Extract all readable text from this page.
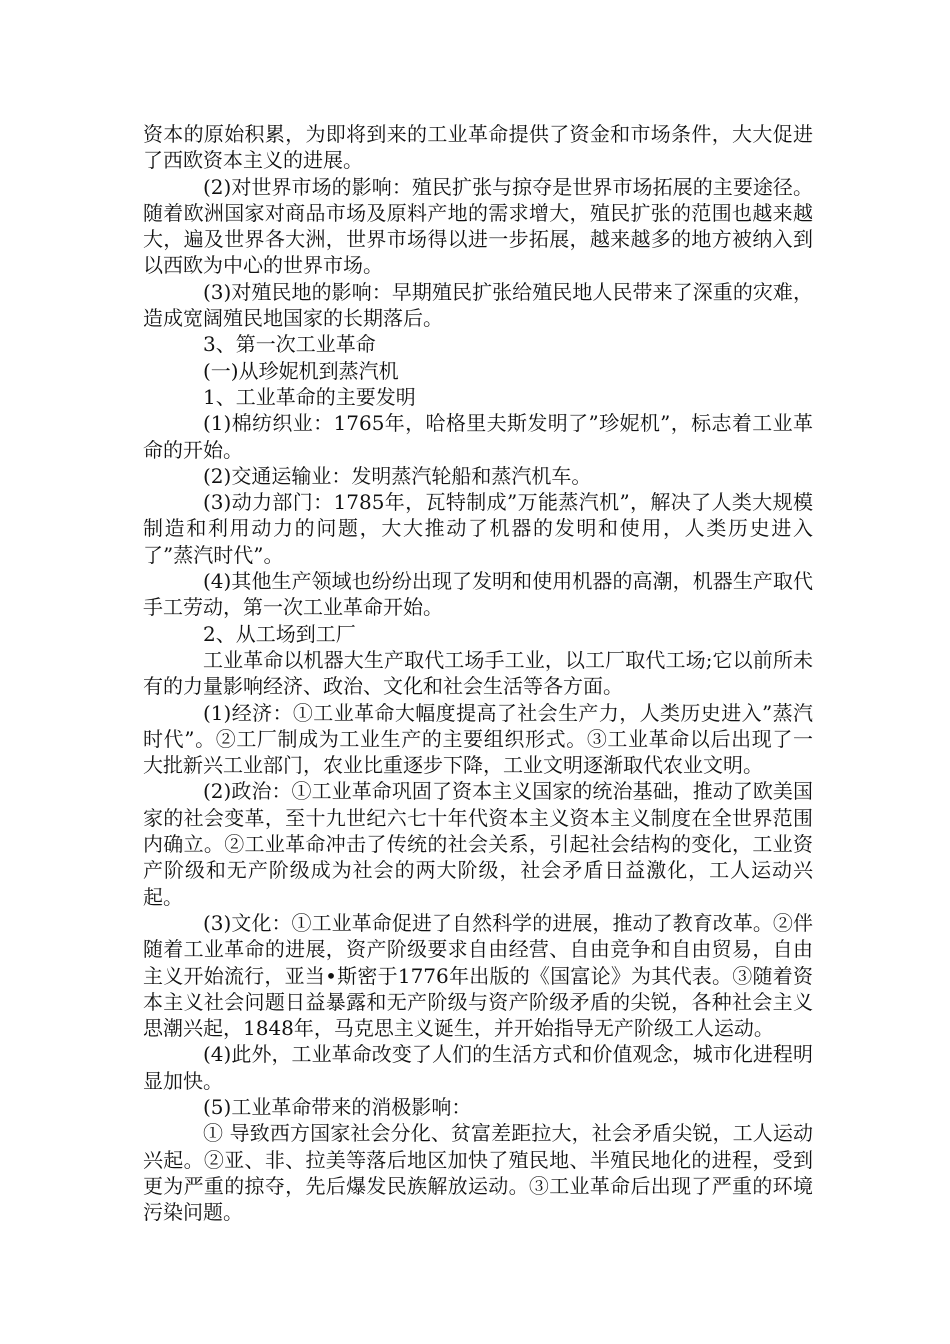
资本的原始积累，为即将到来的工业革命提供了资金和市场条件，大大促进了西欧资本主义的进展。

(2)对世界市场的影响：殖民扩张与掠夺是世界市场拓展的主要途径。随着欧洲国家对商品市场及原料产地的需求增大，殖民扩张的范围也越来越大，遍及世界各大洲，世界市场得以进一步拓展，越来越多的地方被纳入到以西欧为中心的世界市场。

(3)对殖民地的影响：早期殖民扩张给殖民地人民带来了深重的灾难，造成宽阔殖民地国家的长期落后。

3、第一次工业革命

(一)从珍妮机到蒸汽机

1、工业革命的主要发明

(1)棉纺织业：1765年，哈格里夫斯发明了”珍妮机”，标志着工业革命的开始。

(2)交通运输业：发明蒸汽轮船和蒸汽机车。

(3)动力部门：1785年，瓦特制成”万能蒸汽机”，解决了人类大规模制造和利用动力的问题，大大推动了机器的发明和使用，人类历史进入了”蒸汽时代”。

(4)其他生产领域也纷纷出现了发明和使用机器的高潮，机器生产取代手工劳动，第一次工业革命开始。

2、从工场到工厂

工业革命以机器大生产取代工场手工业，以工厂取代工场;它以前所未有的力量影响经济、政治、文化和社会生活等各方面。

(1)经济：①工业革命大幅度提高了社会生产力，人类历史进入”蒸汽时代”。②工厂制成为工业生产的主要组织形式。③工业革命以后出现了一大批新兴工业部门，农业比重逐步下降，工业文明逐渐取代农业文明。

(2)政治：①工业革命巩固了资本主义国家的统治基础，推动了欧美国家的社会变革，至十九世纪六七十年代资本主义资本主义制度在全世界范围内确立。②工业革命冲击了传统的社会关系，引起社会结构的变化，工业资产阶级和无产阶级成为社会的两大阶级，社会矛盾日益激化，工人运动兴起。

(3)文化：①工业革命促进了自然科学的进展，推动了教育改革。②伴随着工业革命的进展，资产阶级要求自由经营、自由竞争和自由贸易，自由主义开始流行，亚当•斯密于1776年出版的《国富论》为其代表。③随着资本主义社会问题日益暴露和无产阶级与资产阶级矛盾的尖锐，各种社会主义思潮兴起，1848年，马克思主义诞生，并开始指导无产阶级工人运动。

(4)此外，工业革命改变了人们的生活方式和价值观念，城市化进程明显加快。

(5)工业革命带来的消极影响：

① 导致西方国家社会分化、贫富差距拉大，社会矛盾尖锐，工人运动兴起。②亚、非、拉美等落后地区加快了殖民地、半殖民地化的进程，受到更为严重的掠夺，先后爆发民族解放运动。③工业革命后出现了严重的环境污染问题。
